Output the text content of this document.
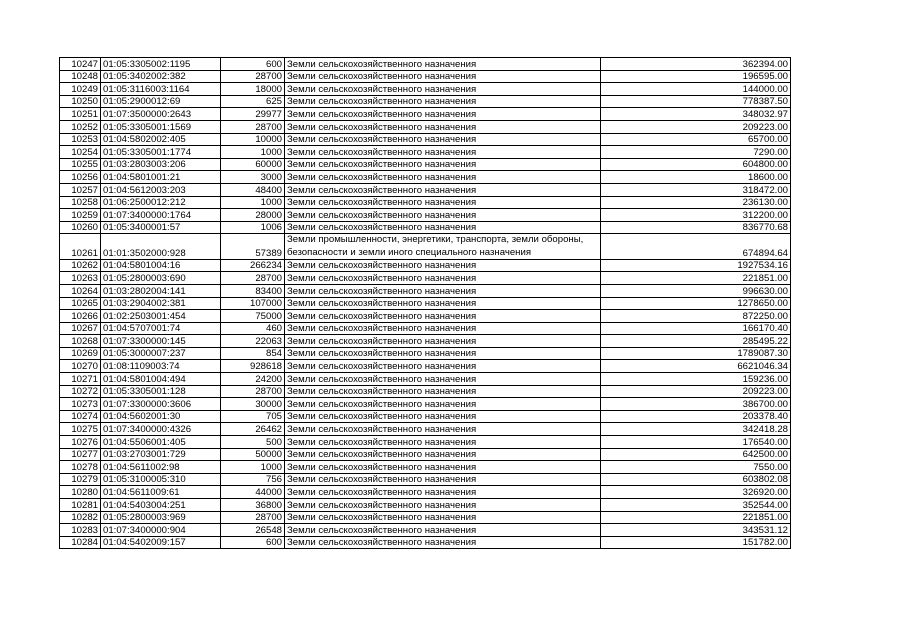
10247	01:05:3305002:1195	600	Земли сельскохозяйственного назначения	362394.00
10248	01:05:3402002:382	28700	Земли сельскохозяйственного назначения	196595.00
10249	01:05:3116003:1164	18000	Земли сельскохозяйственного назначения	144000.00
10250	01:05:2900012:69	625	Земли сельскохозяйственного назначения	778387.50
10251	01:07:3500000:2643	29977	Земли сельскохозяйственного назначения	348032.97
10252	01:05:3305001:1569	28700	Земли сельскохозяйственного назначения	209223.00
10253	01:04:5802002:405	10000	Земли сельскохозяйственного назначения	65700.00
10254	01:05:3305001:1774	1000	Земли сельскохозяйственного назначения	7290.00
10255	01:03:2803003:206	60000	Земли сельскохозяйственного назначения	604800.00
10256	01:04:5801001:21	3000	Земли сельскохозяйственного назначения	18600.00
10257	01:04:5612003:203	48400	Земли сельскохозяйственного назначения	318472.00
10258	01:06:2500012:212	1000	Земли сельскохозяйственного назначения	236130.00
10259	01:07:3400000:1764	28000	Земли сельскохозяйственного назначения	312200.00
10260	01:05:3400001:57	1006	Земли сельскохозяйственного назначения	836770.68
10261	01:01:3502000:928	57389	Земли промышленности, энергетики, транспорта, земли обороны, безопасности и земли иного специального назначения	674894.64
10262	01:04:5801004:16	266234	Земли сельскохозяйственного назначения	1927534.16
10263	01:05:2800003:690	28700	Земли сельскохозяйственного назначения	221851.00
10264	01:03:2802004:141	83400	Земли сельскохозяйственного назначения	996630.00
10265	01:03:2904002:381	107000	Земли сельскохозяйственного назначения	1278650.00
10266	01:02:2503001:454	75000	Земли сельскохозяйственного назначения	872250.00
10267	01:04:5707001:74	460	Земли сельскохозяйственного назначения	166170.40
10268	01:07:3300000:145	22063	Земли сельскохозяйственного назначения	285495.22
10269	01:05:3000007:237	854	Земли сельскохозяйственного назначения	1789087.30
10270	01:08:1109003:74	928618	Земли сельскохозяйственного назначения	6621046.34
10271	01:04:5801004:494	24200	Земли сельскохозяйственного назначения	159236.00
10272	01:05:3305001:128	28700	Земли сельскохозяйственного назначения	209223.00
10273	01:07:3300000:3606	30000	Земли сельскохозяйственного назначения	386700.00
10274	01:04:5602001:30	705	Земли сельскохозяйственного назначения	203378.40
10275	01:07:3400000:4326	26462	Земли сельскохозяйственного назначения	342418.28
10276	01:04:5506001:405	500	Земли сельскохозяйственного назначения	176540.00
10277	01:03:2703001:729	50000	Земли сельскохозяйственного назначения	642500.00
10278	01:04:5611002:98	1000	Земли сельскохозяйственного назначения	7550.00
10279	01:05:3100005:310	756	Земли сельскохозяйственного назначения	603802.08
10280	01:04:5611009:61	44000	Земли сельскохозяйственного назначения	326920.00
10281	01:04:5403004:251	36800	Земли сельскохозяйственного назначения	352544.00
10282	01:05:2800003:969	28700	Земли сельскохозяйственного назначения	221851.00
10283	01:07:3400000:904	26548	Земли сельскохозяйственного назначения	343531.12
10284	01:04:5402009:157	600	Земли сельскохозяйственного назначения	151782.00
